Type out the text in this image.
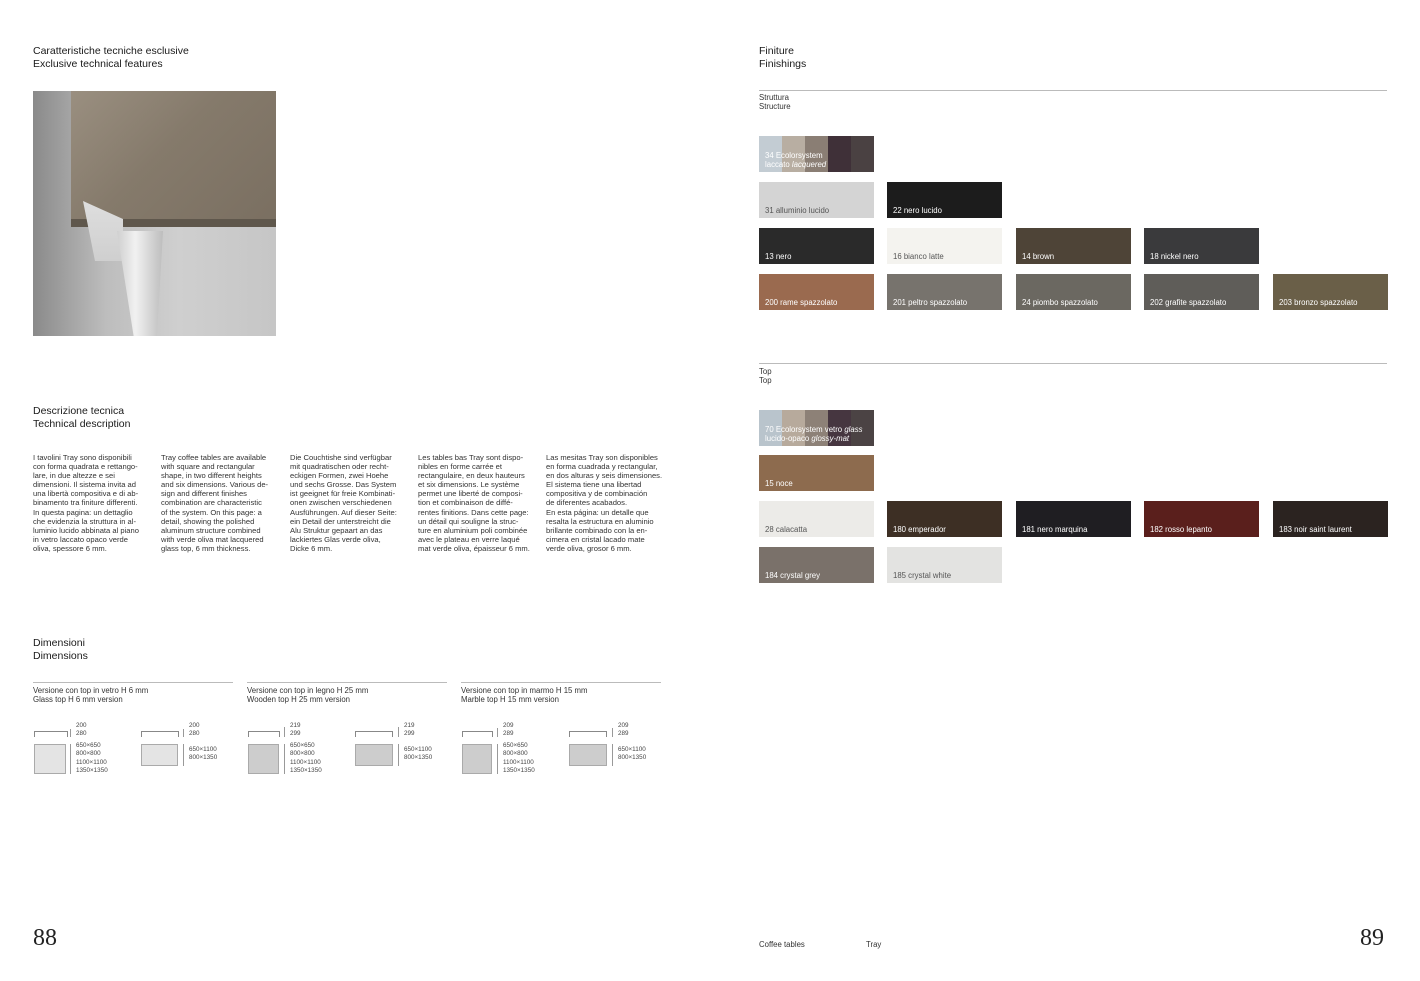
Caratteristiche tecniche esclusive
Exclusive technical features
Descrizione tecnica
Technical description
I tavolini Tray sono disponibili
con forma quadrata e rettango-
lare, in due altezze e sei
dimensioni. Il sistema invita ad
una libertà compositiva e di ab-
binamento tra finiture differenti.
In questa pagina: un dettaglio
che evidenzia la struttura in al-
luminio lucido abbinata al piano
in vetro laccato opaco verde
oliva, spessore 6 mm.
Tray coffee tables are available
with square and rectangular
shape, in two different heights
and six dimensions. Various de-
sign and different finishes
combination are characteristic
of the system. On this page: a
detail, showing the polished
aluminum structure combined
with verde oliva mat lacquered
glass top, 6 mm thickness.
Die Couchtishe sind verfügbar
mit quadratischen oder recht-
eckigen Formen, zwei Hoehe
und sechs Grosse. Das System
ist geeignet für freie Kombinati-
onen zwischen verschiedenen
Ausführungen. Auf dieser Seite:
ein Detail der unterstreicht die
Alu Struktur gepaart an das
lackiertes Glas verde oliva,
Dicke 6 mm.
Les tables bas Tray sont dispo-
nibles en forme carrée et
rectangulaire, en deux hauteurs
et six dimensions. Le système
permet une liberté de composi-
tion et combinaison de diffé-
rentes finitions. Dans cette page:
un détail qui souligne la struc-
ture en aluminium poli combinée
avec le plateau en verre laqué
mat verde oliva, épaisseur 6 mm.
Las mesitas Tray son disponibles
en forma cuadrada y rectangular,
en dos alturas y seis dimensiones.
El sistema tiene una libertad
compositiva y de combinación
de diferentes acabados.
En esta página: un detalle que
resalta la estructura en aluminio
brillante combinado con la en-
cimera en cristal lacado mate
verde oliva, grosor 6 mm.
Dimensioni
Dimensions
Versione con top in vetro H 6 mm
Glass top H 6 mm version
Versione con top in legno H 25 mm
Wooden top H 25 mm version
Versione con top in marmo H 15 mm
Marble top H 15 mm version
200
280
650×650
800×800
1100×1100
1350×1350
200
280
650×1100
800×1350
219
299
650×650
800×800
1100×1100
1350×1350
219
299
650×1100
800×1350
209
289
650×650
800×800
1100×1100
1350×1350
209
289
650×1100
800×1350
88
Finiture
Finishings
Struttura
Structure
34 Ecolorsystem
laccato lacquered
31 alluminio lucido	22 nero lucido
13 nero	16 bianco latte	14 brown	18 nickel nero
200 rame spazzolato	201 peltro spazzolato	24 piombo spazzolato	202 grafite spazzolato	203 bronzo spazzolato
Top
Top
70 Ecolorsystem vetro glass
lucido-opaco glossy-mat
15 noce
28 calacatta	180 emperador	181 nero marquina	182 rosso lepanto	183 noir saint laurent
184 crystal grey	185 crystal white
Coffee tables	Tray	89
